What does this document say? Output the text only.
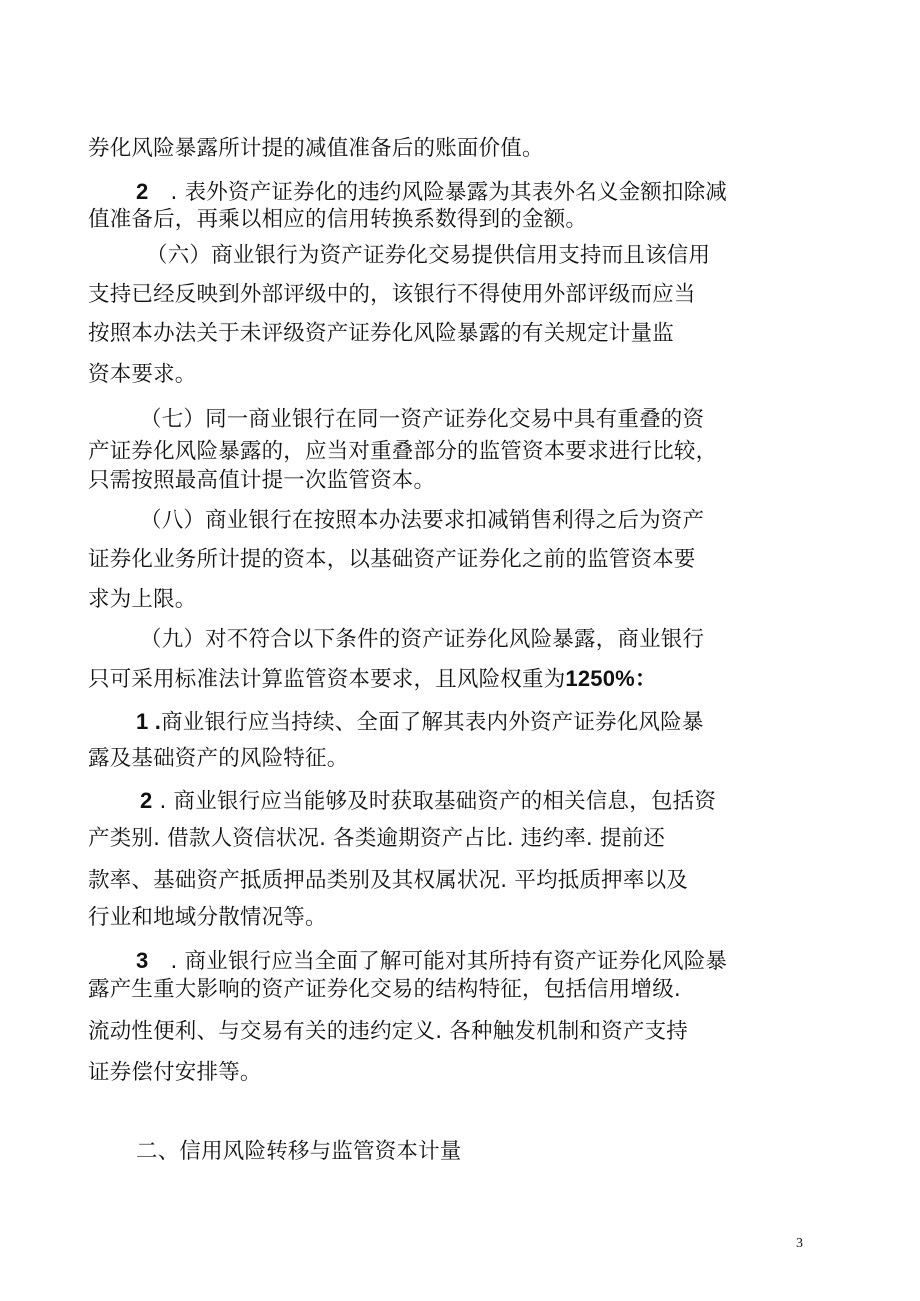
券化风险暴露所计提的减值准备后的账面价值。
2 . 表外资产证券化的违约风险暴露为其表外名义金额扣除减
值准备后，再乘以相应的信用转换系数得到的金额。
（六）商业银行为资产证券化交易提供信用支持而且该信用
支持已经反映到外部评级中的，该银行不得使用外部评级而应当
按照本办法关于未评级资产证券化风险暴露的有关规定计量监
资本要求。
（七）同一商业银行在同一资产证券化交易中具有重叠的资
产证券化风险暴露的，应当对重叠部分的监管资本要求进行比较，
只需按照最高值计提一次监管资本。
（八）商业银行在按照本办法要求扣减销售利得之后为资产
证券化业务所计提的资本，以基础资产证券化之前的监管资本要
求为上限。
（九）对不符合以下条件的资产证券化风险暴露，商业银行
只可采用标准法计算监管资本要求，且风险权重为1250%：
1 .商业银行应当持续、全面了解其表内外资产证券化风险暴
露及基础资产的风险特征。
2 . 商业银行应当能够及时获取基础资产的相关信息，包括资
产类别. 借款人资信状况. 各类逾期资产占比. 违约率. 提前还
款率、基础资产抵质押品类别及其权属状况. 平均抵质押率以及
行业和地域分散情况等。
3 . 商业银行应当全面了解可能对其所持有资产证券化风险暴
露产生重大影响的资产证券化交易的结构特征，包括信用增级.
流动性便利、与交易有关的违约定义. 各种触发机制和资产支持
证券偿付安排等。
二、信用风险转移与监管资本计量
3
